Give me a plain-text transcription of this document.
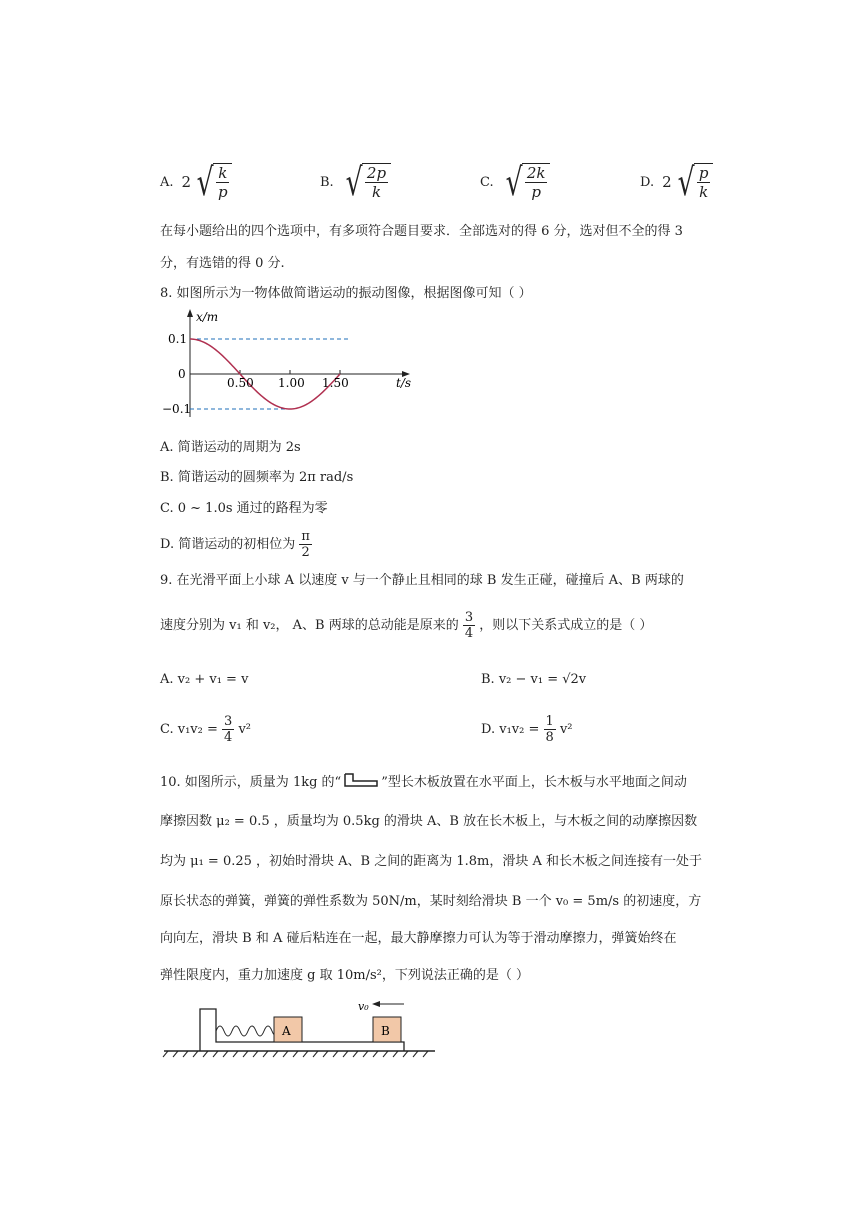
A. 2 √ $\frac{k}{p}$	B. √ $\frac{2p}{k}$	C. √ $\frac{2k}{p}$	D. 2 √ $\frac{p}{k}$

在每小题给出的四个选项中，有多项符合题目要求．全部选对的得 6 分，选对但不全的得 3

分，有选错的得 0 分.

8. 如图所示为一物体做简谐运动的振动图像，根据图像可知（ ）

x/m
t/s
0.1
0
−0.1
0.50 1.00 1.50

A. 简谐运动的周期为 2s

B. 简谐运动的圆频率为 2π rad/s

C. 0 ~ 1.0s 通过的路程为零

D. 简谐运动的初相位为 $\frac{\pi}{2}$

9. 在光滑平面上小球 A 以速度 v 与一个静止且相同的球 B 发生正碰，碰撞后 A、B 两球的

速度分别为 v₁ 和 v₂， A、B 两球的总动能是原来的 $\frac{3}{4}$ ，则以下关系式成立的是（ ）

A. v₂ + v₁ = v	B. v₂ − v₁ = √2v

C. $v_1v_2 = \frac{3}{4} v^2$	D. $v_1v_2 = \frac{1}{8} v^2$

10. 如图所示，质量为 1kg 的“	”型长木板放置在水平面上，长木板与水平地面之间动

摩擦因数 μ₂ = 0.5 ，质量均为 0.5kg 的滑块 A、B 放在长木板上，与木板之间的动摩擦因数

均为 μ₁ = 0.25 ，初始时滑块 A、B 之间的距离为 1.8m，滑块 A 和长木板之间连接有一处于

原长状态的弹簧，弹簧的弹性系数为 50N/m，某时刻给滑块 B 一个 v₀ = 5m/s 的初速度，方

向向左，滑块 B 和 A 碰后粘连在一起，最大静摩擦力可认为等于滑动摩擦力，弹簧始终在

弹性限度内，重力加速度 g 取 10m/s²，下列说法正确的是（ ）

A	B
v₀
